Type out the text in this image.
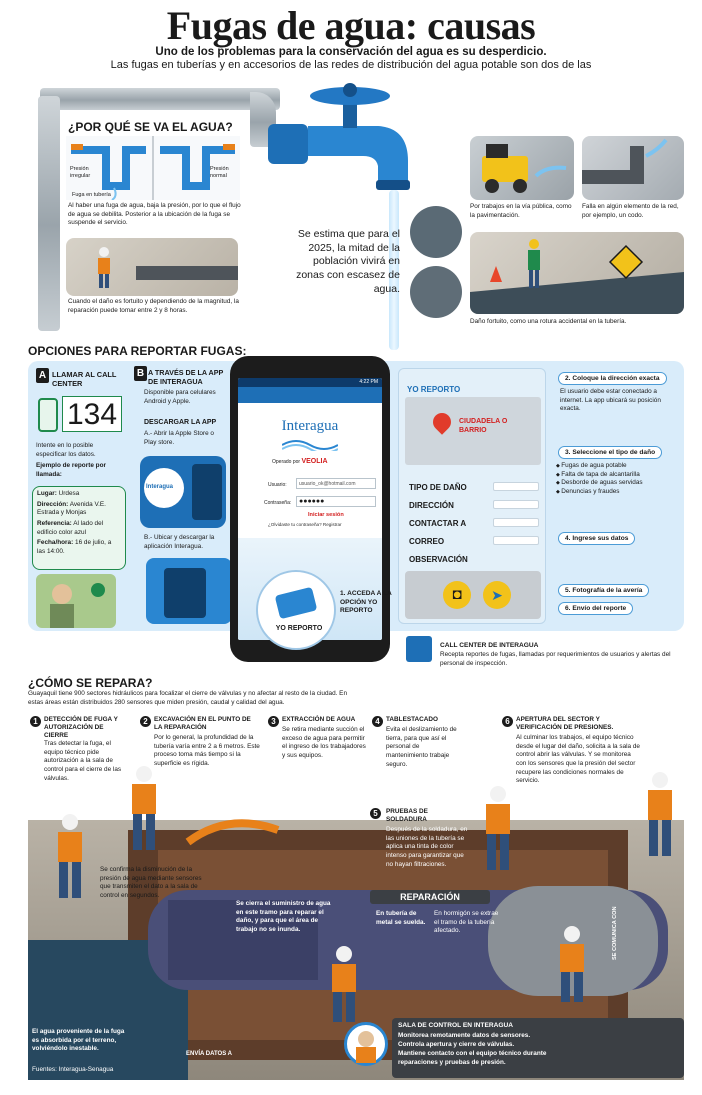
Fugas de agua: causas
Uno de los problemas para la conservación del agua es su desperdicio.
Las fugas en tuberías y en accesorios de las redes de distribución del agua potable son dos de las
¿POR QUÉ SE VA EL AGUA?
Presión irregular
Presión normal
Fuga en tubería
Al haber una fuga de agua, baja la presión, por lo que el flujo de agua se debilita. Posterior a la ubicación de la fuga se suspende el servicio.
Cuando el daño es fortuito y dependiendo de la magnitud, la reparación puede tomar entre 2 y 8 horas.
Se estima que para el 2025, la mitad de la población vivirá en zonas con escasez de agua.
Por trabajos en la vía pública, como la pavimentación.
Falla en algún elemento de la red, por ejemplo, un codo.
Daño fortuito, como una rotura accidental en la tubería.
OPCIONES PARA REPORTAR FUGAS:
A LLAMAR AL CALL CENTER
134
Intente en lo posible especificar los datos.
Ejemplo de reporte por llamada:
Lugar: Urdesa
Dirección: Avenida V.E. Estrada y Monjas
Referencia: Al lado del edificio color azul
Fecha/hora: 16 de julio, a las 14:00.
B A TRAVÉS DE LA APP DE INTERAGUA
Disponible para celulares Android y Apple.
DESCARGAR LA APP
A.- Abrir la Apple Store o Play store.
Interagua
B.- Ubicar y descargar la aplicación Interagua.
4:22 PM
Interagua
Operado por VEOLIA
Usuario:	usuario_ok@hotmail.com
Contraseña:	●●●●●●
Iniciar sesión
¿Olvidaste tu contraseña? Registrar
YO REPORTO
1. ACCEDA A LA OPCIÓN YO REPORTO
YO REPORTO
CIUDADELA O BARRIO
TIPO DE DAÑO
DIRECCIÓN
CONTACTAR A
CORREO
OBSERVACIÓN
◘	➤
2. Coloque la dirección exacta
El usuario debe estar conectado a internet. La app ubicará su posición exacta.
3. Seleccione el tipo de daño
◆ Fugas de agua potable
◆ Falta de tapa de alcantarilla
◆ Desborde de aguas servidas
◆ Denuncias y fraudes
4. Ingrese sus datos
5. Fotografía de la avería
6. Envío del reporte
CALL CENTER DE INTERAGUA
Recepta reportes de fugas, llamadas por requerimientos de usuarios y alertas del personal de inspección.
¿CÓMO SE REPARA?
Guayaquil tiene 900 sectores hidráulicos para focalizar el cierre de válvulas y no afectar al resto de la ciudad. En estas áreas están distribuidos 280 sensores que miden presión, caudal y calidad del agua.
1 DETECCIÓN DE FUGA Y AUTORIZACIÓN DE CIERRE
Tras detectar la fuga, el equipo técnico pide autorización a la sala de control para el cierre de las válvulas.
2 EXCAVACIÓN EN EL PUNTO DE LA REPARACIÓN
Por lo general, la profundidad de la tubería varía entre 2 a 6 metros. Este proceso toma más tiempo si la superficie es rígida.
3 EXTRACCIÓN DE AGUA
Se retira mediante succión el exceso de agua para permitir el ingreso de los trabajadores y sus equipos.
4 TABLESTACADO
Evita el deslizamiento de tierra, para que así el personal de mantenimiento trabaje seguro.
6 APERTURA DEL SECTOR Y VERIFICACIÓN DE PRESIONES.
Al culminar los trabajos, el equipo técnico desde el lugar del daño, solicita a la sala de control abrir las válvulas. Y se monitorea con los sensores que la presión del sector recupere las condiciones normales de servicio.
REPARACIÓN
5	PRUEBAS DE SOLDADURA
Después de la soldadura, en las uniones de la tubería se aplica una tinta de color intenso para garantizar que no hayan filtraciones.
Se confirma la disminución de la presión de agua mediante sensores que transmiten el dato a la sala de control en segundos.
Se cierra el suministro de agua en este tramo para reparar el daño, y para que el área de trabajo no se inunda.
En tubería de metal se suelda.
En hormigón se extrae el tramo de la tubería afectado.	SE COMUNICA CON
El agua proveniente de la fuga es absorbida por el terreno, volviéndolo inestable.
ENVÍA DATOS A
SALA DE CONTROL EN INTERAGUA
Monitorea remotamente datos de sensores.
Controla apertura y cierre de válvulas.
Mantiene contacto con el equipo técnico durante reparaciones y pruebas de presión.
Fuentes: Interagua-Senagua
